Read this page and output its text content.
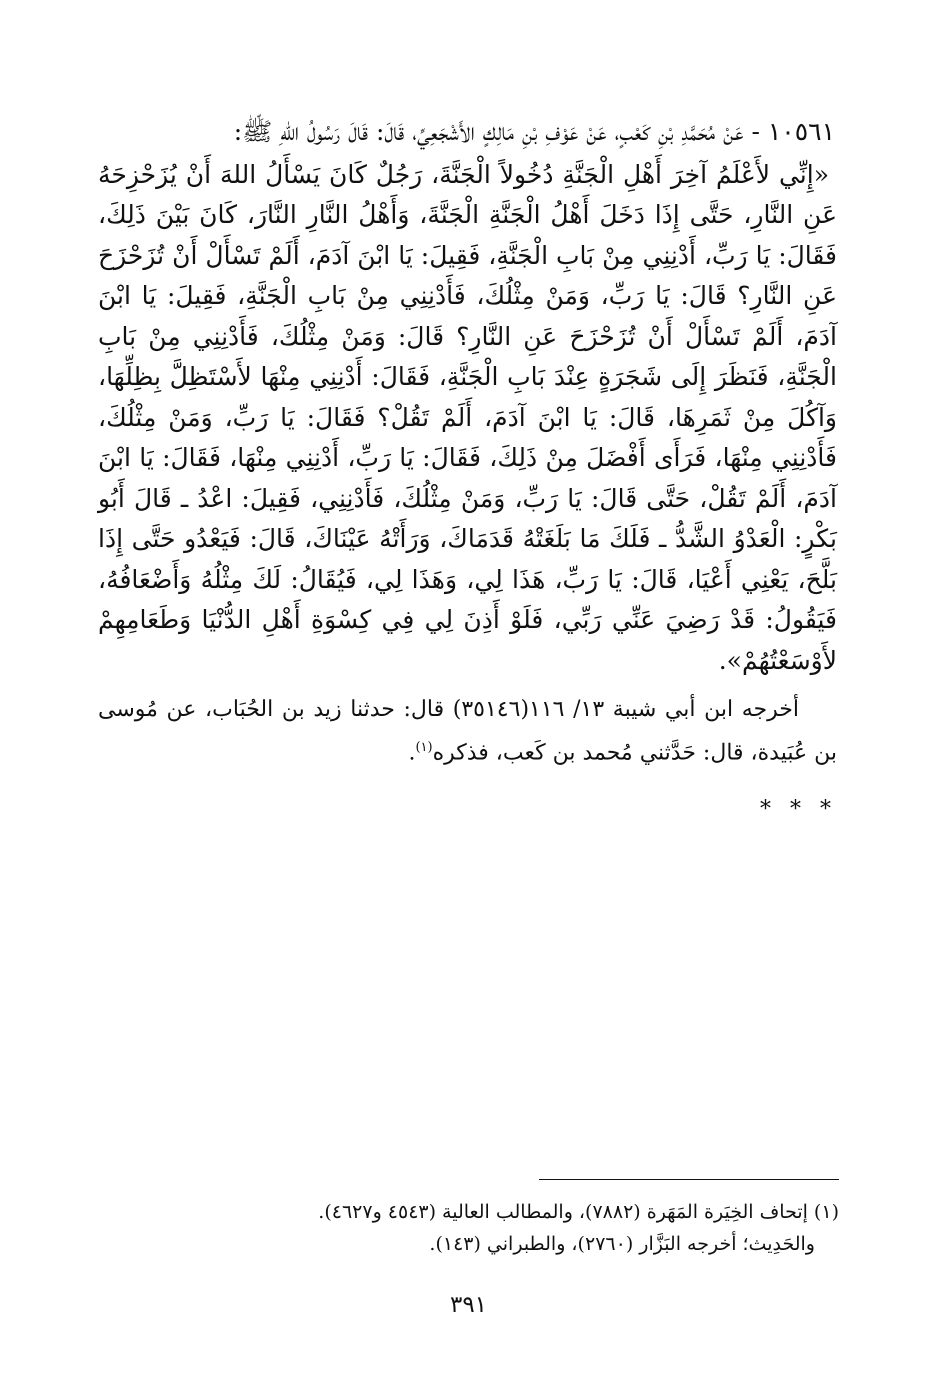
١٠٥٦١ - عَنْ مُحَمَّدِ بْنِ كَعْبٍ، عَنْ عَوْفِ بْنِ مَالِكٍ الأَشْجَعِيِّ، قَالَ: قَالَ رَسُولُ اللهِ ﷺ:

«إِنِّي لأَعْلَمُ آخِرَ أَهْلِ الْجَنَّةِ دُخُولاً الْجَنَّةَ، رَجُلٌ كَانَ يَسْأَلُ اللهَ أَنْ يُزَحْزِحَهُ عَنِ النَّارِ، حَتَّى إِذَا دَخَلَ أَهْلُ الْجَنَّةِ الْجَنَّةَ، وَأَهْلُ النَّارِ النَّارَ، كَانَ بَيْنَ ذَلِكَ، فَقَالَ: يَا رَبِّ، أَدْنِنِي مِنْ بَابِ الْجَنَّةِ، فَقِيلَ: يَا ابْنَ آدَمَ، أَلَمْ تَسْأَلْ أَنْ تُزَحْزَحَ عَنِ النَّارِ؟ قَالَ: يَا رَبِّ، وَمَنْ مِثْلُكَ، فَأَدْنِنِي مِنْ بَابِ الْجَنَّةِ، فَقِيلَ: يَا ابْنَ آدَمَ، أَلَمْ تَسْأَلْ أَنْ تُزَحْزَحَ عَنِ النَّارِ؟ قَالَ: وَمَنْ مِثْلُكَ، فَأَدْنِنِي مِنْ بَابِ الْجَنَّةِ، فَنَظَرَ إِلَى شَجَرَةٍ عِنْدَ بَابِ الْجَنَّةِ، فَقَالَ: أَدْنِنِي مِنْهَا لأَسْتَظِلَّ بِظِلِّهَا، وَآكُلَ مِنْ ثَمَرِهَا، قَالَ: يَا ابْنَ آدَمَ، أَلَمْ تَقُلْ؟ فَقَالَ: يَا رَبِّ، وَمَنْ مِثْلُكَ، فَأَدْنِنِي مِنْهَا، فَرَأَى أَفْضَلَ مِنْ ذَلِكَ، فَقَالَ: يَا رَبِّ، أَدْنِنِي مِنْهَا، فَقَالَ: يَا ابْنَ آدَمَ، أَلَمْ تَقُلْ، حَتَّى قَالَ: يَا رَبِّ، وَمَنْ مِثْلُكَ، فَأَدْنِنِي، فَقِيلَ: اعْدُ ـ قَالَ أَبُو بَكْرٍ: الْعَدْوُ الشَّدُّ ـ فَلَكَ مَا بَلَغَتْهُ قَدَمَاكَ، وَرَأَتْهُ عَيْنَاكَ، قَالَ: فَيَعْدُو حَتَّى إِذَا بَلَّحَ، يَعْنِي أَعْيَا، قَالَ: يَا رَبِّ، هَذَا لِي، وَهَذَا لِي، فَيُقَالُ: لَكَ مِثْلُهُ وَأَضْعَافُهُ، فَيَقُولُ: قَدْ رَضِيَ عَنِّي رَبِّي، فَلَوْ أَذِنَ لِي فِي كِسْوَةِ أَهْلِ الدُّنْيَا وَطَعَامِهِمْ لأَوْسَعْتُهُمْ».

أخرجه ابن أبي شيبة ١٣/ ١١٦(٣٥١٤٦) قال: حدثنا زيد بن الحُبَاب، عن مُوسى بن عُبَيدة، قال: حَدَّثني مُحمد بن كَعب، فذكره$^{(١)}$.

* * *

(١) إتحاف الخِيَرة المَهَرة (٧٨٨٢)، والمطالب العالية (٤٥٤٣ و٤٦٢٧).

والحَدِيث؛ أخرجه البَزَّار (٢٧٦٠)، والطبراني (١٤٣).

٣٩١
